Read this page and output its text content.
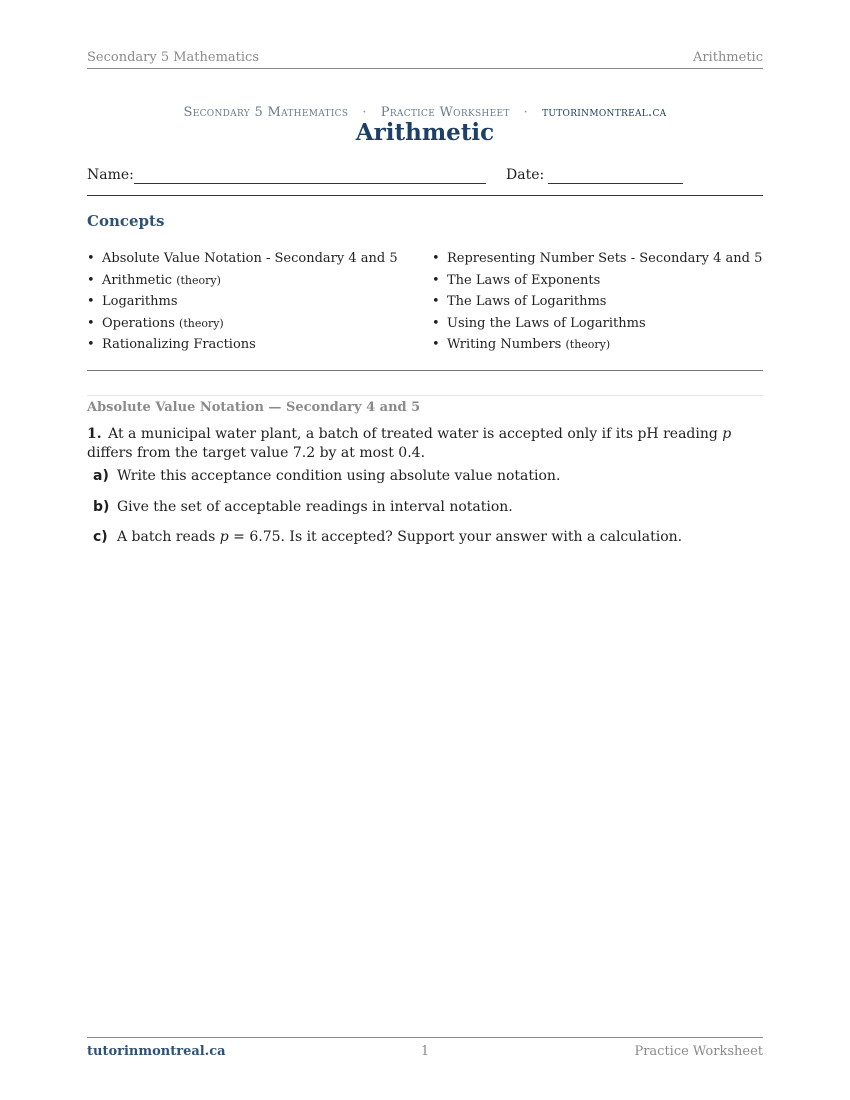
Secondary 5 Mathematics	Arithmetic
Secondary 5 Mathematics · Practice Worksheet · tutorinmontreal.ca
Arithmetic
Name:	Date:
Concepts
• Absolute Value Notation - Secondary 4 and 5
• Arithmetic (theory)
• Logarithms
• Operations (theory)
• Rationalizing Fractions
• Representing Number Sets - Secondary 4 and 5
• The Laws of Exponents
• The Laws of Logarithms
• Using the Laws of Logarithms
• Writing Numbers (theory)
Absolute Value Notation — Secondary 4 and 5
1. At a municipal water plant, a batch of treated water is accepted only if its pH reading p differs from the target value 7.2 by at most 0.4.
a) Write this acceptance condition using absolute value notation.
b) Give the set of acceptable readings in interval notation.
c) A batch reads p = 6.75. Is it accepted? Support your answer with a calculation.
tutorinmontreal.ca	1	Practice Worksheet
